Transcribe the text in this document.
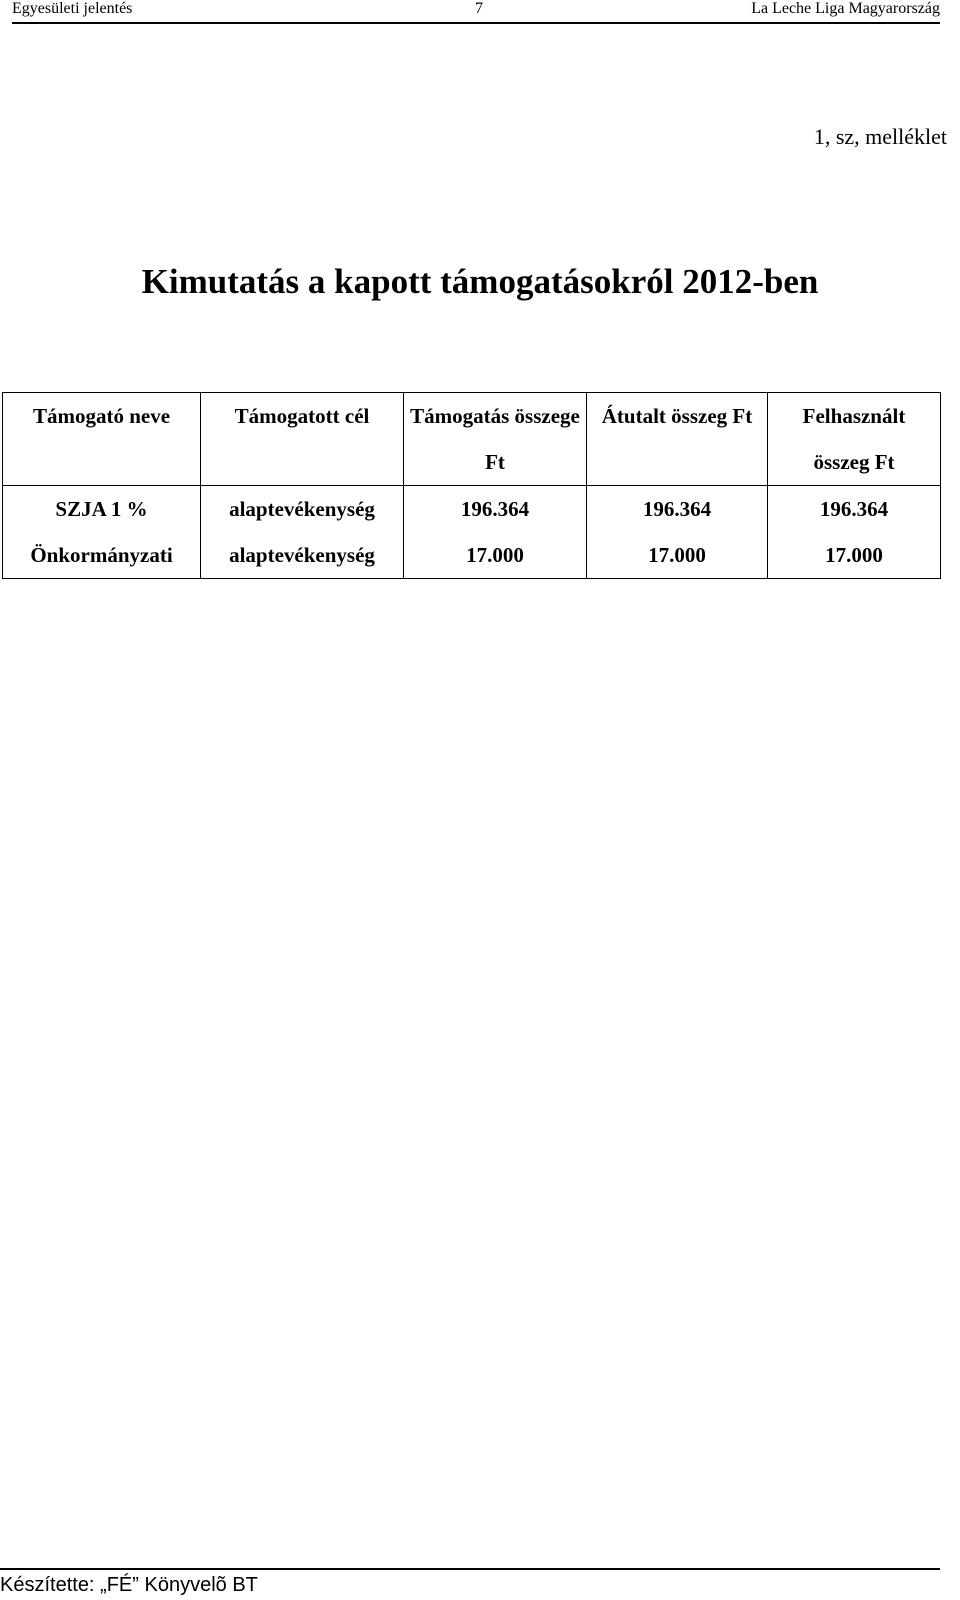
Egyesületi jelentés	7	La Leche Liga Magyarország
1, sz, melléklet
Kimutatás a kapott támogatásokról 2012-ben
Támogató neve	Támogatott cél	Támogatás összege Ft	Átutalt összeg Ft	Felhasznált összeg Ft
SZJA 1 %	alaptevékenység	196.364	196.364	196.364
Önkormányzati	alaptevékenység	17.000	17.000	17.000
Készítette: „FÉ” Könyvelõ BT
